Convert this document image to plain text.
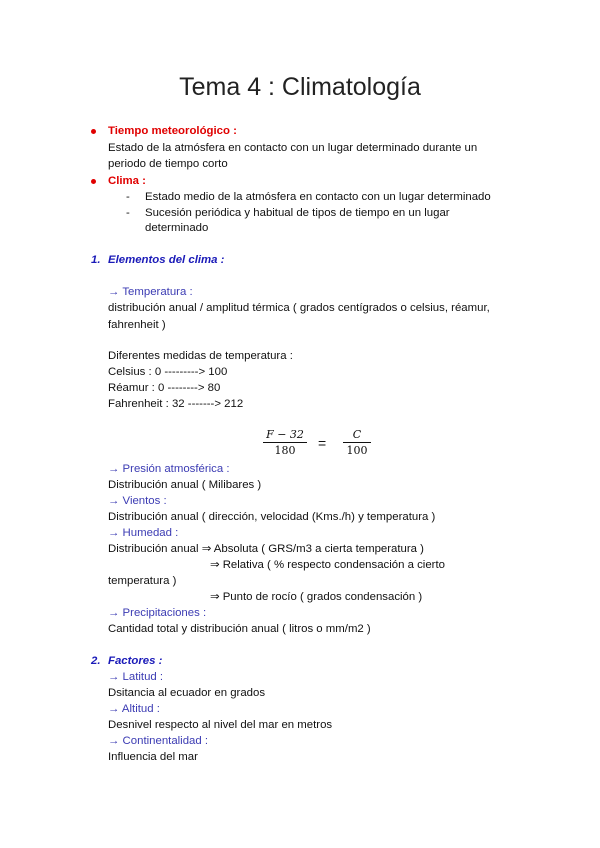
Tema 4 : Climatología
Tiempo meteorológico :
Estado de la atmósfera en contacto con un lugar determinado durante un
periodo de tiempo corto
Clima :
- Estado medio de la atmósfera en contacto con un lugar determinado
- Sucesión periódica y habitual de tipos de tiempo en un lugar
determinado
1. Elementos del clima :
→ Temperatura :
distribución anual / amplitud térmica ( grados centígrados o celsius, réamur,
fahrenheit )
Diferentes medidas de temperatura :
Celsius : 0 ---------> 100
Réamur : 0 --------> 80
Fahrenheit : 32 -------> 212
$\frac{F - 32}{180} = \frac{C}{100}$
→ Presión atmosférica :
Distribución anual ( Milibares )
→ Vientos :
Distribución anual ( dirección, velocidad (Kms./h) y temperatura )
→ Humedad :
Distribución anual ⇒ Absoluta ( GRS/m3 a cierta temperatura )
⇒ Relativa ( % respecto condensación a cierto
temperatura )
⇒ Punto de rocío ( grados condensación )
→ Precipitaciones :
Cantidad total y distribución anual ( litros o mm/m2 )
2. Factores :
→ Latitud :
Dsitancia al ecuador en grados
→ Altitud :
Desnivel respecto al nivel del mar en metros
→ Continentalidad :
Influencia del mar
